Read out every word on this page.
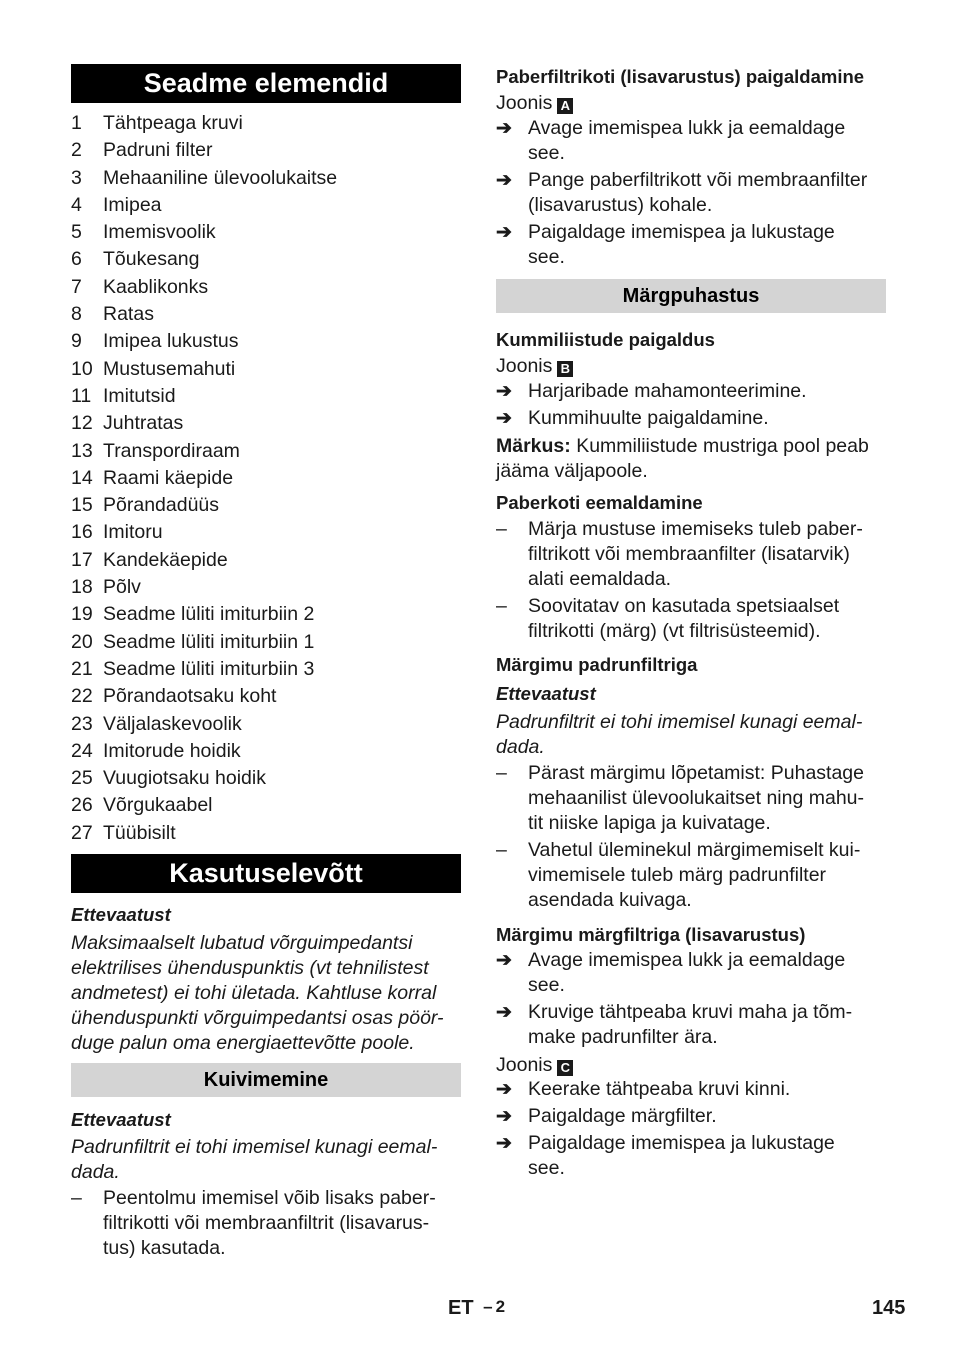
Seadme elemendid
1 Tähtpeaga kruvi
2 Padruni filter
3 Mehaaniline ülevoolukaitse
4 Imipea
5 Imemisvoolik
6 Tõukesang
7 Kaablikonks
8 Ratas
9 Imipea lukustus
10 Mustusemahuti
11 Imitutsid
12 Juhtratas
13 Transpordiraam
14 Raami käepide
15 Põrandadüüs
16 Imitoru
17 Kandekäepide
18 Põlv
19 Seadme lüliti imiturbiin 2
20 Seadme lüliti imiturbiin 1
21 Seadme lüliti imiturbiin 3
22 Põrandaotsaku koht
23 Väljalaskevoolik
24 Imitorude hoidik
25 Vuugiotsaku hoidik
26 Võrgukaabel
27 Tüübisilt
Kasutuselevõtt
Ettevaatust
Maksimaalselt lubatud võrguimpedantsi
elektrilises ühenduspunktis (vt tehnilistest
andmetest) ei tohi ületada. Kahtluse korral
ühenduspunkti võrguimpedantsi osas pöör-
duge palun oma energiaettevõtte poole.
Kuivimemine
Ettevaatust
Padrunfiltrit ei tohi imemisel kunagi eemal-
dada.
– Peentolmu imemisel võib lisaks paber-
filtrikotti või membraanfiltrit (lisavarus-
tus) kasutada.
Paberfiltrikoti (lisavarustus) paigaldamine
Joonis A
➔ Avage imemispea lukk ja eemaldage
see.
➔ Pange paberfiltrikott või membraanfilter
(lisavarustus) kohale.
➔ Paigaldage imemispea ja lukustage
see.
Märgpuhastus
Kummiliistude paigaldus
Joonis B
➔ Harjaribade mahamonteerimine.
➔ Kummihuulte paigaldamine.
Märkus: Kummiliistude mustriga pool peab
jääma väljapoole.
Paberkoti eemaldamine
– Märja mustuse imemiseks tuleb paber-
filtrikott või membraanfilter (lisatarvik)
alati eemaldada.
– Soovitatav on kasutada spetsiaalset
filtrikotti (märg) (vt filtrisüsteemid).
Märgimu padrunfiltriga
Ettevaatust
Padrunfiltrit ei tohi imemisel kunagi eemal-
dada.
– Pärast märgimu lõpetamist: Puhastage
mehaanilist ülevoolukaitset ning mahu-
tit niiske lapiga ja kuivatage.
– Vahetul üleminekul märgimemiselt kui-
vimemisele tuleb märg padrunfilter
asendada kuivaga.
Märgimu märgfiltriga (lisavarustus)
➔ Avage imemispea lukk ja eemaldage
see.
➔ Kruvige tähtpeaba kruvi maha ja tõm-
make padrunfilter ära.
Joonis C
➔ Keerake tähtpeaba kruvi kinni.
➔ Paigaldage märgfilter.
➔ Paigaldage imemispea ja lukustage
see.
ET – 2	145
